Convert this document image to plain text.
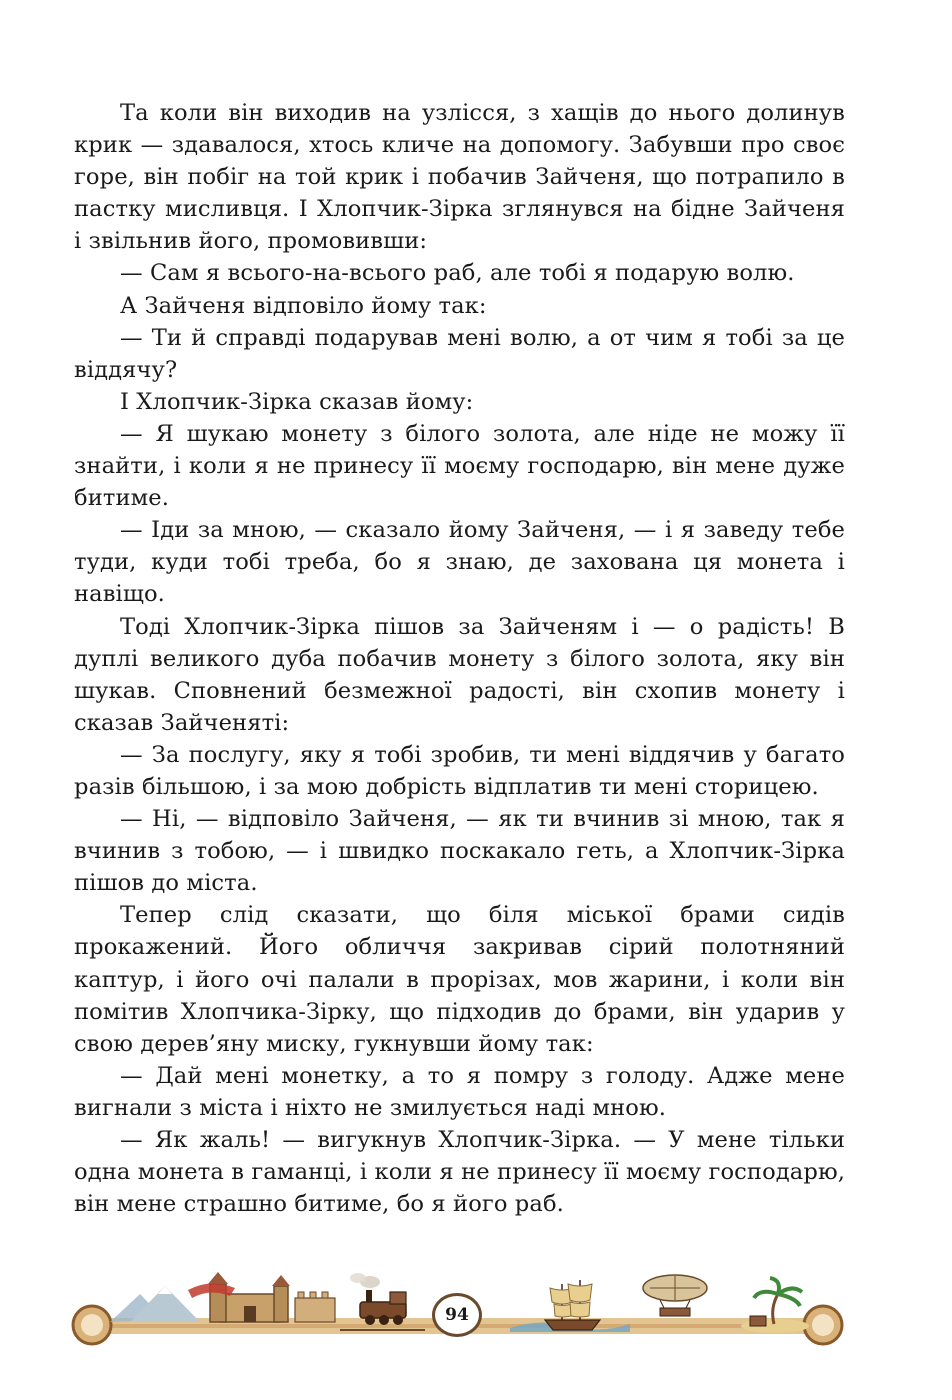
Та коли він виходив на узлісся, з хащів до нього долинув крик — здавалося, хтось кличе на допомогу. Забувши про своє горе, він побіг на той крик і побачив Зайченя, що потрапило в пастку мисливця. І Хлопчик-Зірка зглянувся на бідне Зайченя і звільнив його, промовивши:

— Сам я всього-на-всього раб, але тобі я подарую волю.

А Зайченя відповіло йому так:

— Ти й справді подарував мені волю, а от чим я тобі за це віддячу?

І Хлопчик-Зірка сказав йому:

— Я шукаю монету з білого золота, але ніде не можу її знайти, і коли я не принесу її моєму господарю, він мене дуже битиме.

— Іди за мною, — сказало йому Зайченя, — і я заведу тебе туди, куди тобі треба, бо я знаю, де захована ця монета і навіщо.

Тоді Хлопчик-Зірка пішов за Зайченям і — о радість! В дуплі великого дуба побачив монету з білого золота, яку він шукав. Сповнений безмежної радості, він схопив монету і сказав Зайченяті:

— За послугу, яку я тобі зробив, ти мені віддячив у багато разів більшою, і за мою добрість відплатив ти мені сторицею.

— Ні, — відповіло Зайченя, — як ти вчинив зі мною, так я вчинив з тобою, — і швидко поскакало геть, а Хлопчик-Зірка пішов до міста.

Тепер слід сказати, що біля міської брами сидів прокажений. Його обличчя закривав сірий полотняний каптур, і його очі палали в прорізах, мов жарини, і коли він помітив Хлопчика-Зірку, що підходив до брами, він ударив у свою дерев’яну миску, гукнувши йому так:

— Дай мені монетку, а то я помру з голоду. Адже мене вигнали з міста і ніхто не змилується наді мною.

— Як жаль! — вигукнув Хлопчик-Зірка. — У мене тільки одна монета в гаманці, і коли я не принесу її моєму господарю, він мене страшно битиме, бо я його раб.

94
